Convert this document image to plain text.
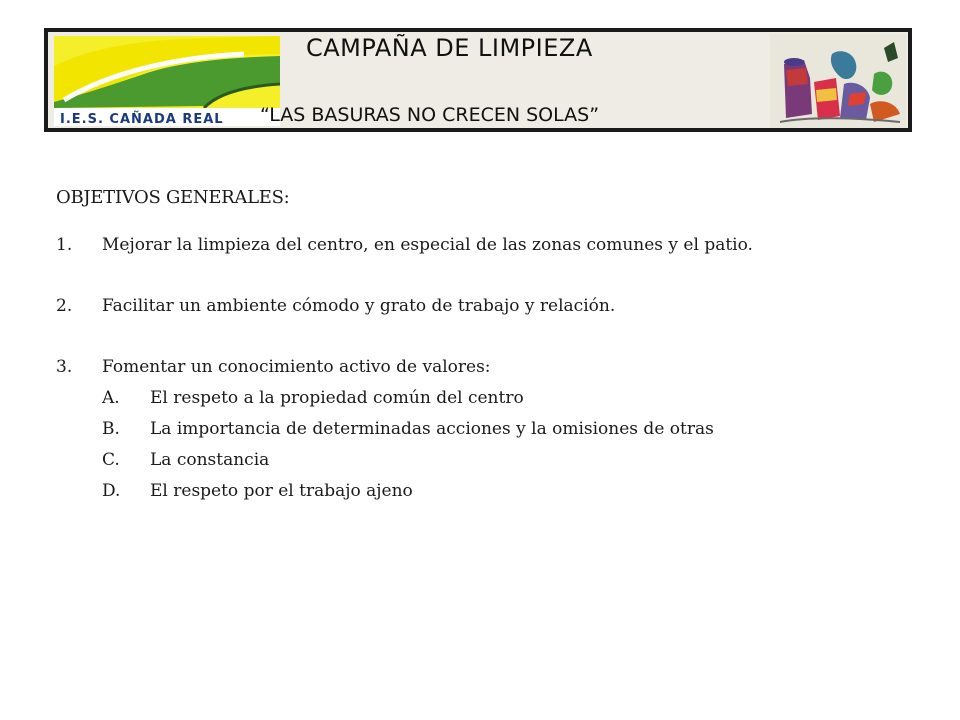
I.E.S. CAÑADA REAL
CAMPAÑA DE LIMPIEZA
“LAS BASURAS NO CRECEN SOLAS”
OBJETIVOS GENERALES:
1.	Mejorar la limpieza del centro, en especial de las zonas comunes y el patio.
2.	Facilitar un ambiente cómodo y grato de trabajo y relación.
3.	Fomentar un conocimiento activo de valores:
A.	El respeto a la propiedad común del centro
B.	La importancia de determinadas acciones y la omisiones de otras
C.	La constancia
D.	El respeto por el trabajo ajeno
